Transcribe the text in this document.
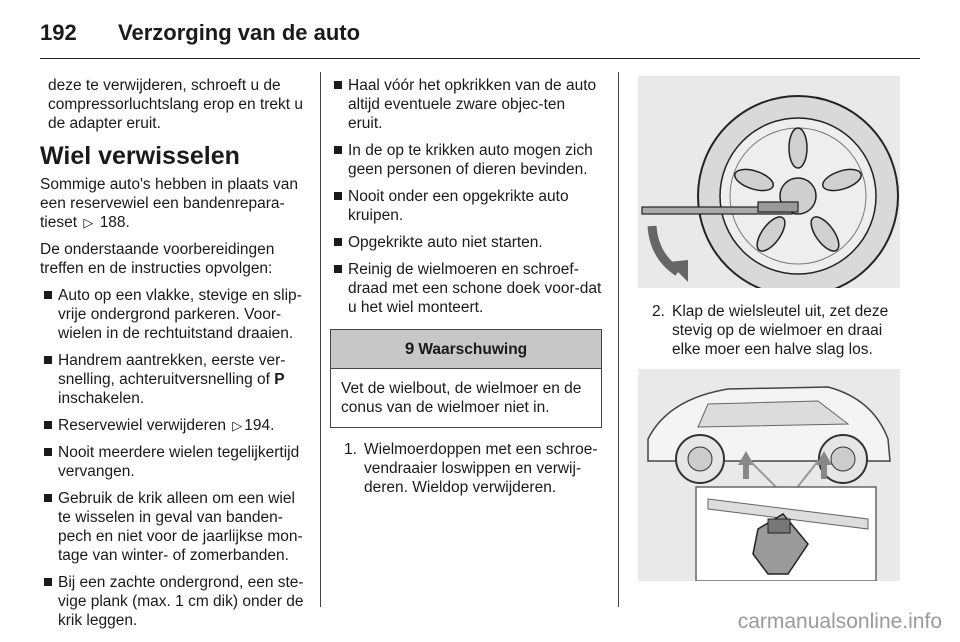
192 Verzorging van de auto

deze te verwijderen, schroeft u de compressorluchtslang erop en trekt u de adapter eruit.

Wiel verwisselen

Sommige auto's hebben in plaats van een reservewiel een bandenrepara-tieset ▷ 188.

De onderstaande voorbereidingen treffen en de instructies opvolgen:

Auto op een vlakke, stevige en slip-vrije ondergrond parkeren. Voor-wielen in de rechtuitstand draaien.
Handrem aantrekken, eerste ver-snelling, achteruitversnelling of P inschakelen.
Reservewiel verwijderen ▷ 194.
Nooit meerdere wielen tegelijkertijd vervangen.
Gebruik de krik alleen om een wiel te wisselen in geval van banden-pech en niet voor de jaarlijkse mon-tage van winter- of zomerbanden.
Bij een zachte ondergrond, een ste-vige plank (max. 1 cm dik) onder de krik leggen.
Haal vóór het opkrikken van de auto altijd eventuele zware objec-ten eruit.
In de op te krikken auto mogen zich geen personen of dieren bevinden.
Nooit onder een opgekrikte auto kruipen.
Opgekrikte auto niet starten.
Reinig de wielmoeren en schroef-draad met een schone doek voor-dat u het wiel monteert.
9 Waarschuwing
Vet de wielbout, de wielmoer en de conus van de wielmoer niet in.
1. Wielmoerdoppen met een schroe-vendraaier loswippen en verwij-deren. Wieldop verwijderen.
2. Klap de wielsleutel uit, zet deze stevig op de wielmoer en draai elke moer een halve slag los.
carmanualsonline.info
